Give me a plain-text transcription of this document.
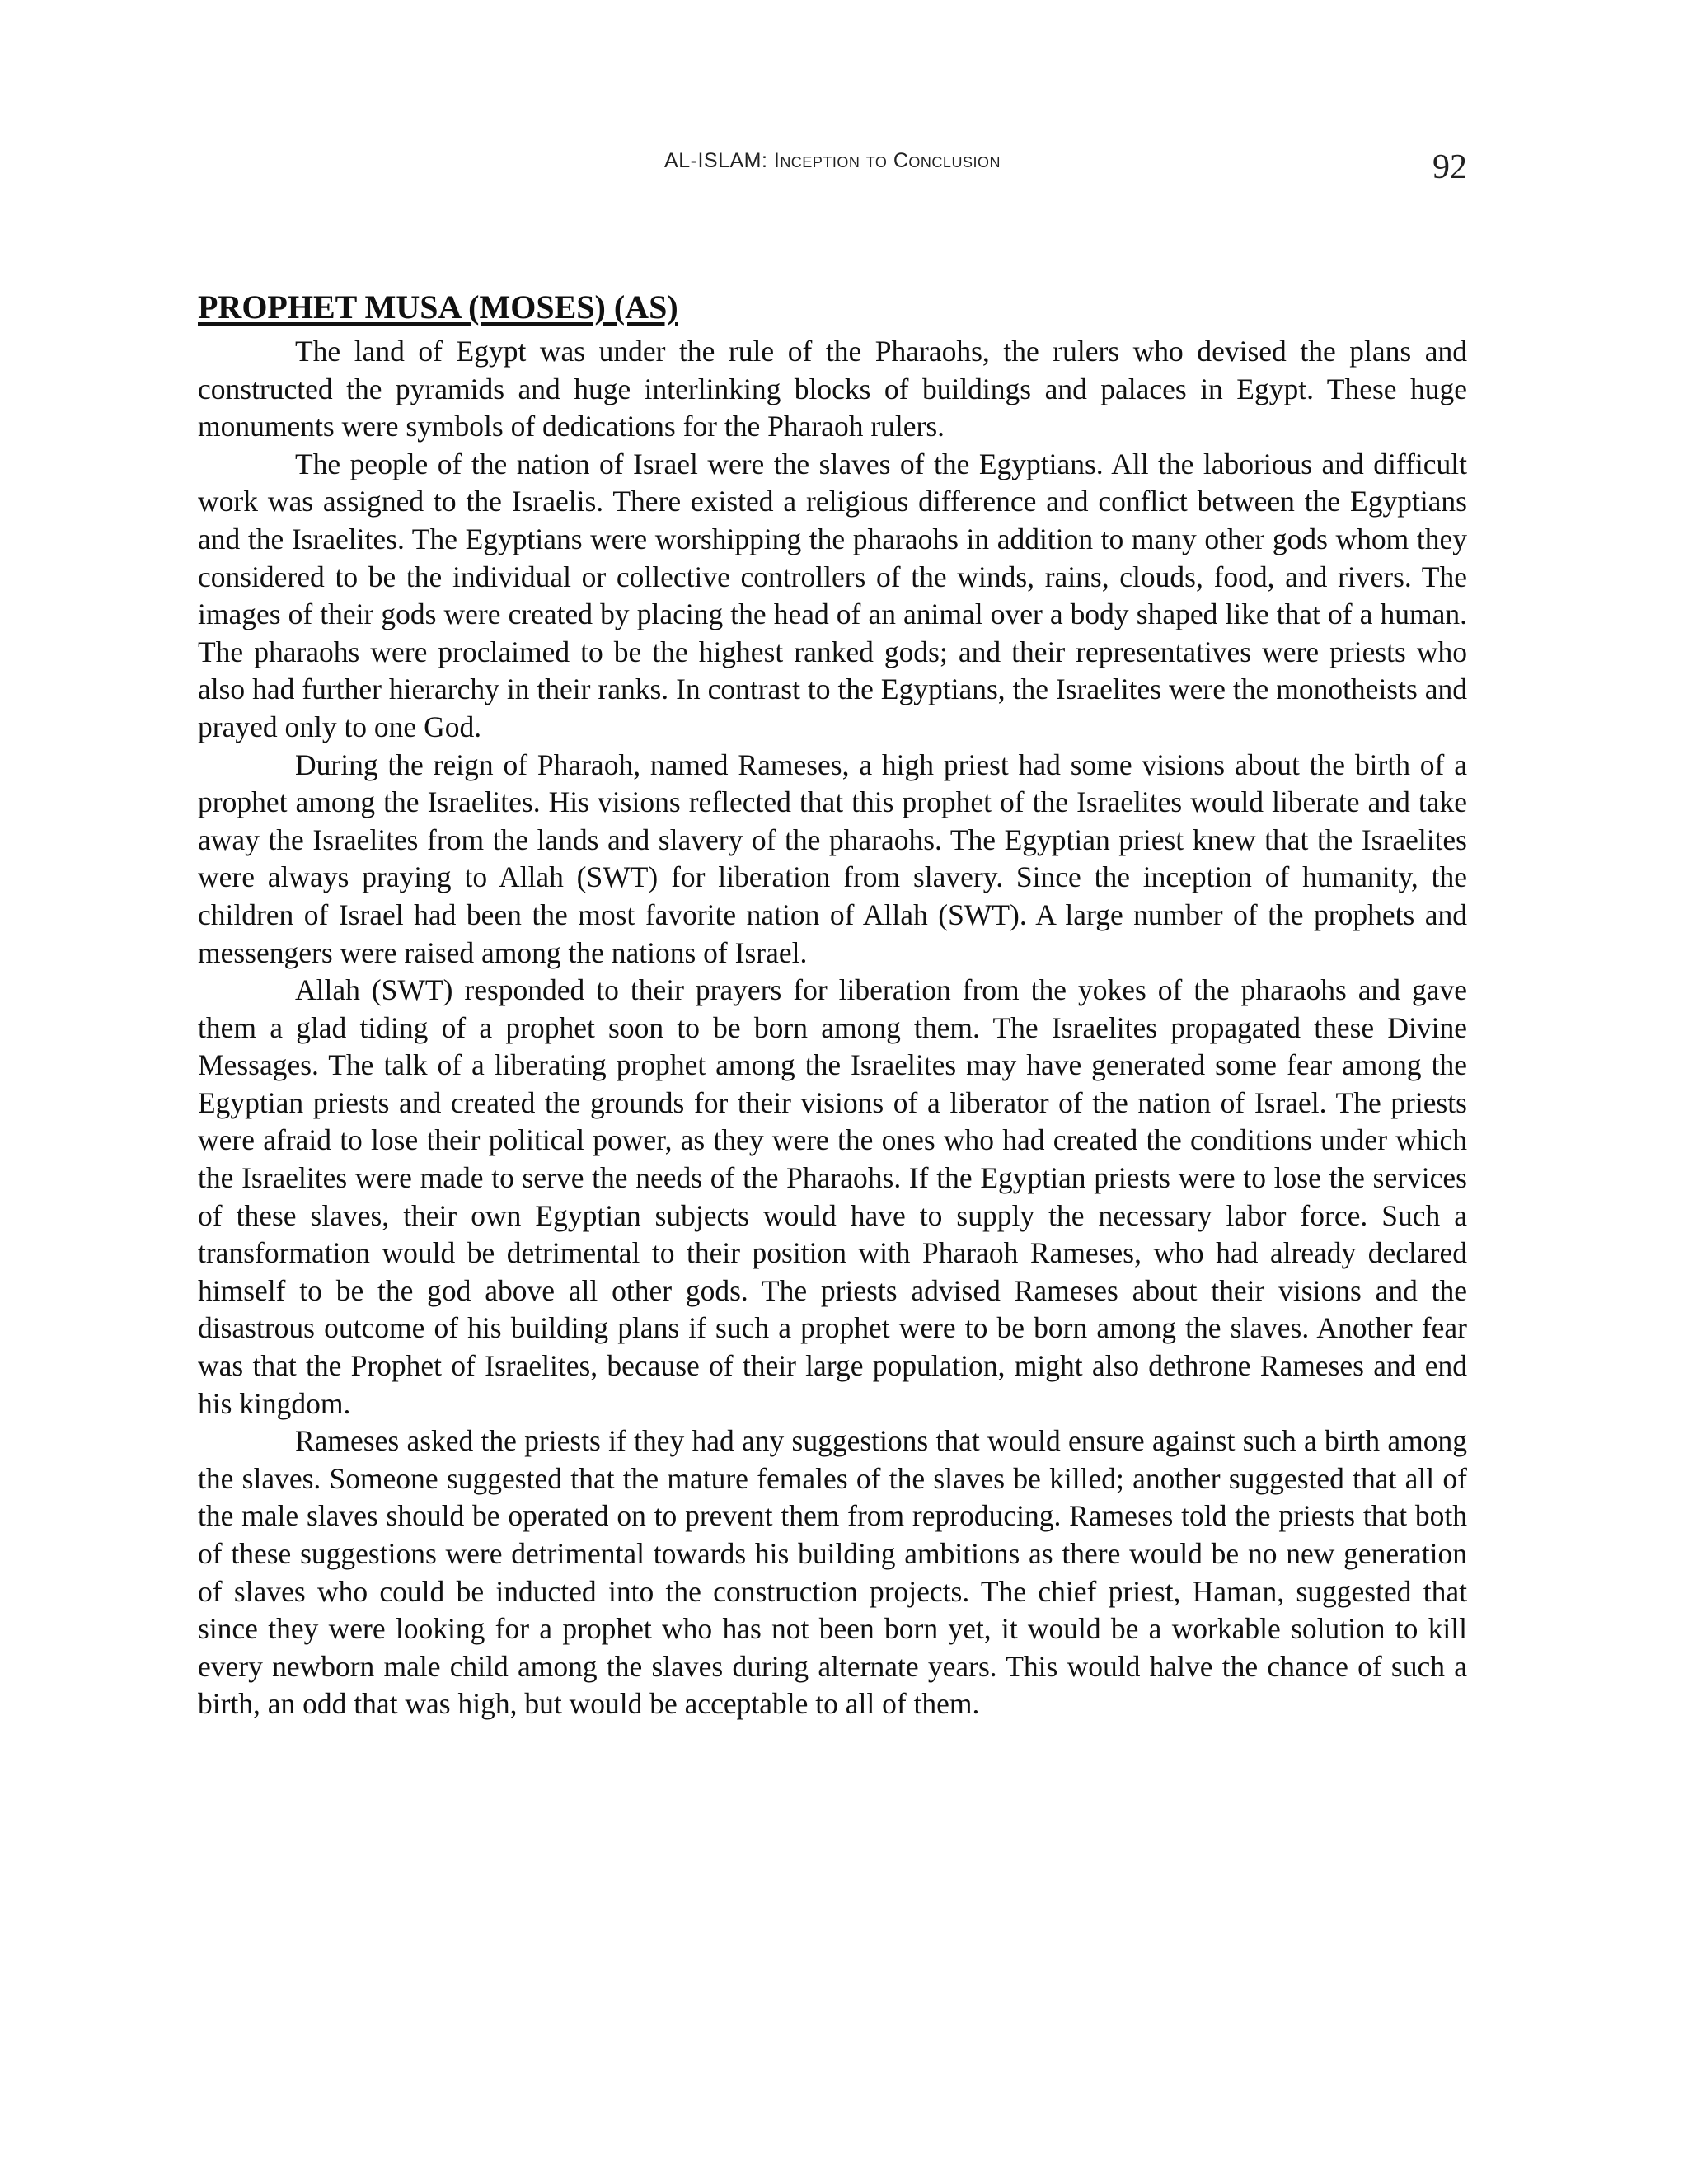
AL-ISLAM: Inception to Conclusion	92
PROPHET MUSA (MOSES) (AS)

The land of Egypt was under the rule of the Pharaohs, the rulers who devised the plans and constructed the pyramids and huge interlinking blocks of buildings and palaces in Egypt. These huge monuments were symbols of dedications for the Pharaoh rulers.

The people of the nation of Israel were the slaves of the Egyptians. All the laborious and difficult work was assigned to the Israelis. There existed a religious difference and conflict between the Egyptians and the Israelites. The Egyptians were worshipping the pharaohs in addition to many other gods whom they considered to be the individual or collective controllers of the winds, rains, clouds, food, and rivers. The images of their gods were created by placing the head of an animal over a body shaped like that of a human. The pharaohs were proclaimed to be the highest ranked gods; and their representatives were priests who also had further hierarchy in their ranks. In contrast to the Egyptians, the Israelites were the monotheists and prayed only to one God.

During the reign of Pharaoh, named Rameses, a high priest had some visions about the birth of a prophet among the Israelites. His visions reflected that this prophet of the Israelites would liberate and take away the Israelites from the lands and slavery of the pharaohs. The Egyptian priest knew that the Israelites were always praying to Allah (SWT) for liberation from slavery. Since the inception of humanity, the children of Israel had been the most favorite nation of Allah (SWT). A large number of the prophets and messengers were raised among the nations of Israel.

Allah (SWT) responded to their prayers for liberation from the yokes of the pharaohs and gave them a glad tiding of a prophet soon to be born among them. The Israelites propagated these Divine Messages. The talk of a liberating prophet among the Israelites may have generated some fear among the Egyptian priests and created the grounds for their visions of a liberator of the nation of Israel. The priests were afraid to lose their political power, as they were the ones who had created the conditions under which the Israelites were made to serve the needs of the Pharaohs. If the Egyptian priests were to lose the services of these slaves, their own Egyptian subjects would have to supply the necessary labor force. Such a transformation would be detrimental to their position with Pharaoh Rameses, who had already declared himself to be the god above all other gods. The priests advised Rameses about their visions and the disastrous outcome of his building plans if such a prophet were to be born among the slaves. Another fear was that the Prophet of Israelites, because of their large population, might also dethrone Rameses and end his kingdom.

Rameses asked the priests if they had any suggestions that would ensure against such a birth among the slaves. Someone suggested that the mature females of the slaves be killed; another suggested that all of the male slaves should be operated on to prevent them from reproducing. Rameses told the priests that both of these suggestions were detrimental towards his building ambitions as there would be no new generation of slaves who could be inducted into the construction projects. The chief priest, Haman, suggested that since they were looking for a prophet who has not been born yet, it would be a workable solution to kill every newborn male child among the slaves during alternate years. This would halve the chance of such a birth, an odd that was high, but would be acceptable to all of them.
